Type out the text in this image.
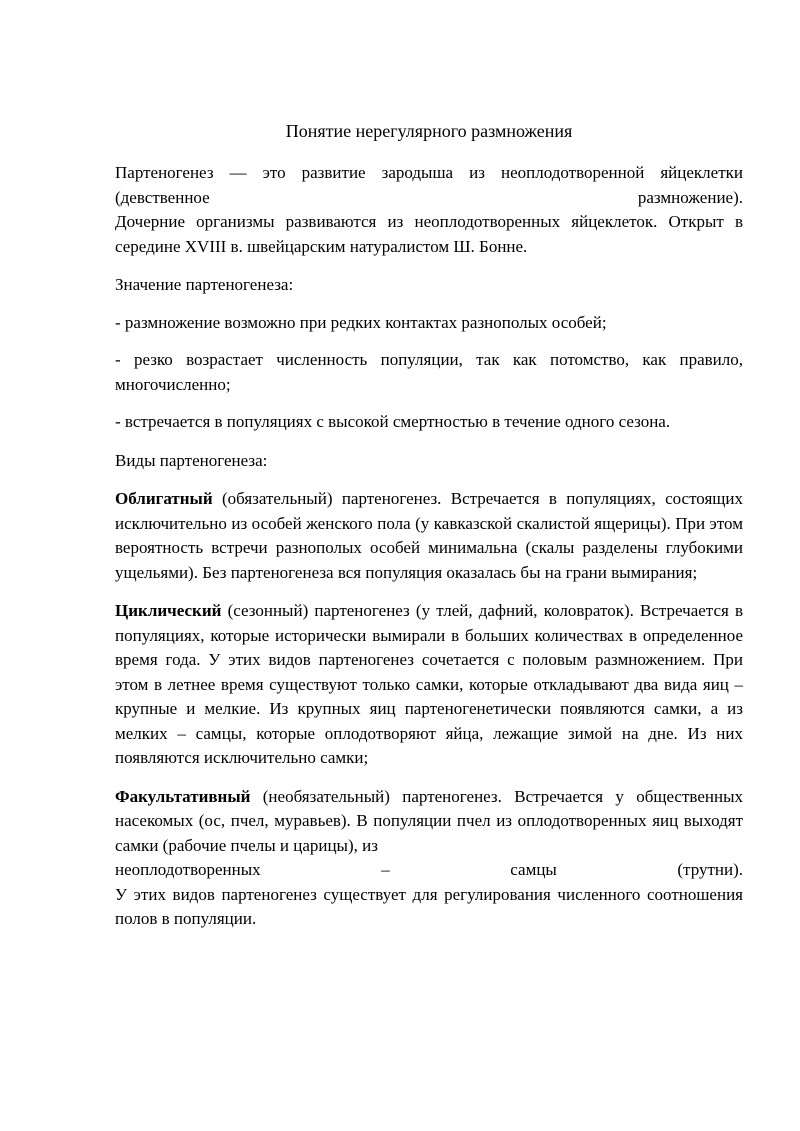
Понятие нерегулярного размножения

Партеногенез — это развитие зародыша из неоплодотворенной яйцеклетки
(девственное	размножение).
Дочерние организмы развиваются из неоплодотворенных яйцеклеток. Открыт в середине XVIII в. швейцарским натуралистом Ш. Бонне.

Значение партеногенеза:

- размножение возможно при редких контактах разнополых особей;

- резко возрастает численность популяции, так как потомство, как правило, многочисленно;

- встречается в популяциях с высокой смертностью в течение одного сезона.

Виды партеногенеза:

Облигатный (обязательный) партеногенез. Встречается в популяциях, состоящих исключительно из особей женского пола (у кавказской скалистой ящерицы). При этом вероятность встречи разнополых особей минимальна (скалы разделены глубокими ущельями). Без партеногенеза вся популяция оказалась бы на грани вымирания;

Циклический (сезонный) партеногенез (у тлей, дафний, коловраток). Встречается в популяциях, которые исторически вымирали в больших количествах в определенное время года. У этих видов партеногенез сочетается с половым размножением. При этом в летнее время существуют только самки, которые откладывают два вида яиц – крупные и мелкие. Из крупных яиц партеногенетически появляются самки, а из мелких – самцы, которые оплодотворяют яйца, лежащие зимой на дне. Из них появляются исключительно самки;

Факультативный (необязательный) партеногенез. Встречается у общественных насекомых (ос, пчел, муравьев). В популяции пчел из оплодотворенных яиц выходят самки (рабочие пчелы и царицы), из
неоплодотворенных	–	самцы	(трутни).
У этих видов партеногенез существует для регулирования численного соотношения полов в популяции.
